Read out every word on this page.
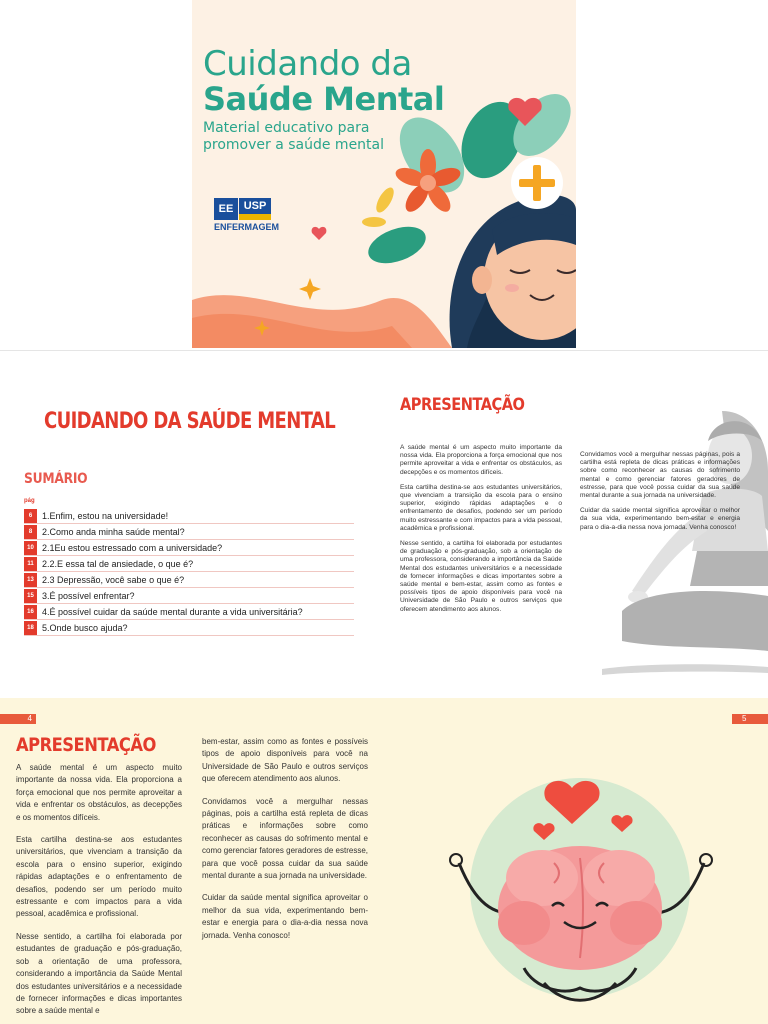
Cuidando da
Saúde Mental
Material educativo para
promover a saúde mental
EE USP
ENFERMAGEM
CUIDANDO DA SAÚDE MENTAL
SUMÁRIO
pág
6	1.Enfim, estou na universidade!
8	2.Como anda minha saúde mental?
10 2.1Eu estou estressado com a universidade?
11 2.2.E essa tal de ansiedade, o que é?
13 2.3 Depressão, você sabe o que é?
15 3.É possível enfrentar?
16 4.É possível cuidar da saúde mental durante a vida universitária?
18 5.Onde busco ajuda?
APRESENTAÇÃO

A saúde mental é um aspecto muito importante da nossa vida. Ela proporciona a força emocional que nos permite aproveitar a vida e enfrentar os obstáculos, as decepções e os momentos difíceis.

Esta cartilha destina-se aos estudantes universitários, que vivenciam a transição da escola para o ensino superior, exigindo rápidas adaptações e o enfrentamento de desafios, podendo ser um período muito estressante e com impactos para a vida pessoal, acadêmica e profissional.

Nesse sentido, a cartilha foi elaborada por estudantes de graduação e pós-graduação, sob a orientação de uma professora, considerando a importância da Saúde Mental dos estudantes universitários e a necessidade de fornecer informações e dicas importantes sobre a saúde mental e bem-estar, assim como as fontes e possíveis tipos de apoio disponíveis para você na Universidade de São Paulo e outros serviços que oferecem atendimento aos alunos.

Convidamos você a mergulhar nessas páginas, pois a cartilha está repleta de dicas práticas e informações sobre como reconhecer as causas do sofrimento mental e como gerenciar fatores geradores de estresse, para que você possa cuidar da sua saúde mental durante a sua jornada na universidade.

Cuidar da saúde mental significa aproveitar o melhor da sua vida, experimentando bem-estar e energia para o dia-a-dia nessa nova jornada. Venha conosco!

4
APRESENTAÇÃO

A saúde mental é um aspecto muito importante da nossa vida. Ela proporciona a força emocional que nos permite aproveitar a vida e enfrentar os obstáculos, as decepções e os momentos difíceis.

Esta cartilha destina-se aos estudantes universitários, que vivenciam a transição da escola para o ensino superior, exigindo rápidas adaptações e o enfrentamento de desafios, podendo ser um período muito estressante e com impactos para a vida pessoal, acadêmica e profissional.

Nesse sentido, a cartilha foi elaborada por estudantes de graduação e pós-graduação, sob a orientação de uma professora, considerando a importância da Saúde Mental dos estudantes universitários e a necessidade de fornecer informações e dicas importantes sobre a saúde mental e

bem-estar, assim como as fontes e possíveis tipos de apoio disponíveis para você na Universidade de São Paulo e outros serviços que oferecem atendimento aos alunos.

Convidamos você a mergulhar nessas páginas, pois a cartilha está repleta de dicas práticas e informações sobre como reconhecer as causas do sofrimento mental e como gerenciar fatores geradores de estresse, para que você possa cuidar da sua saúde mental durante a sua jornada na universidade.

Cuidar da saúde mental significa aproveitar o melhor da sua vida, experimentando bem-estar e energia para o dia-a-dia nessa nova jornada. Venha conosco!

5
